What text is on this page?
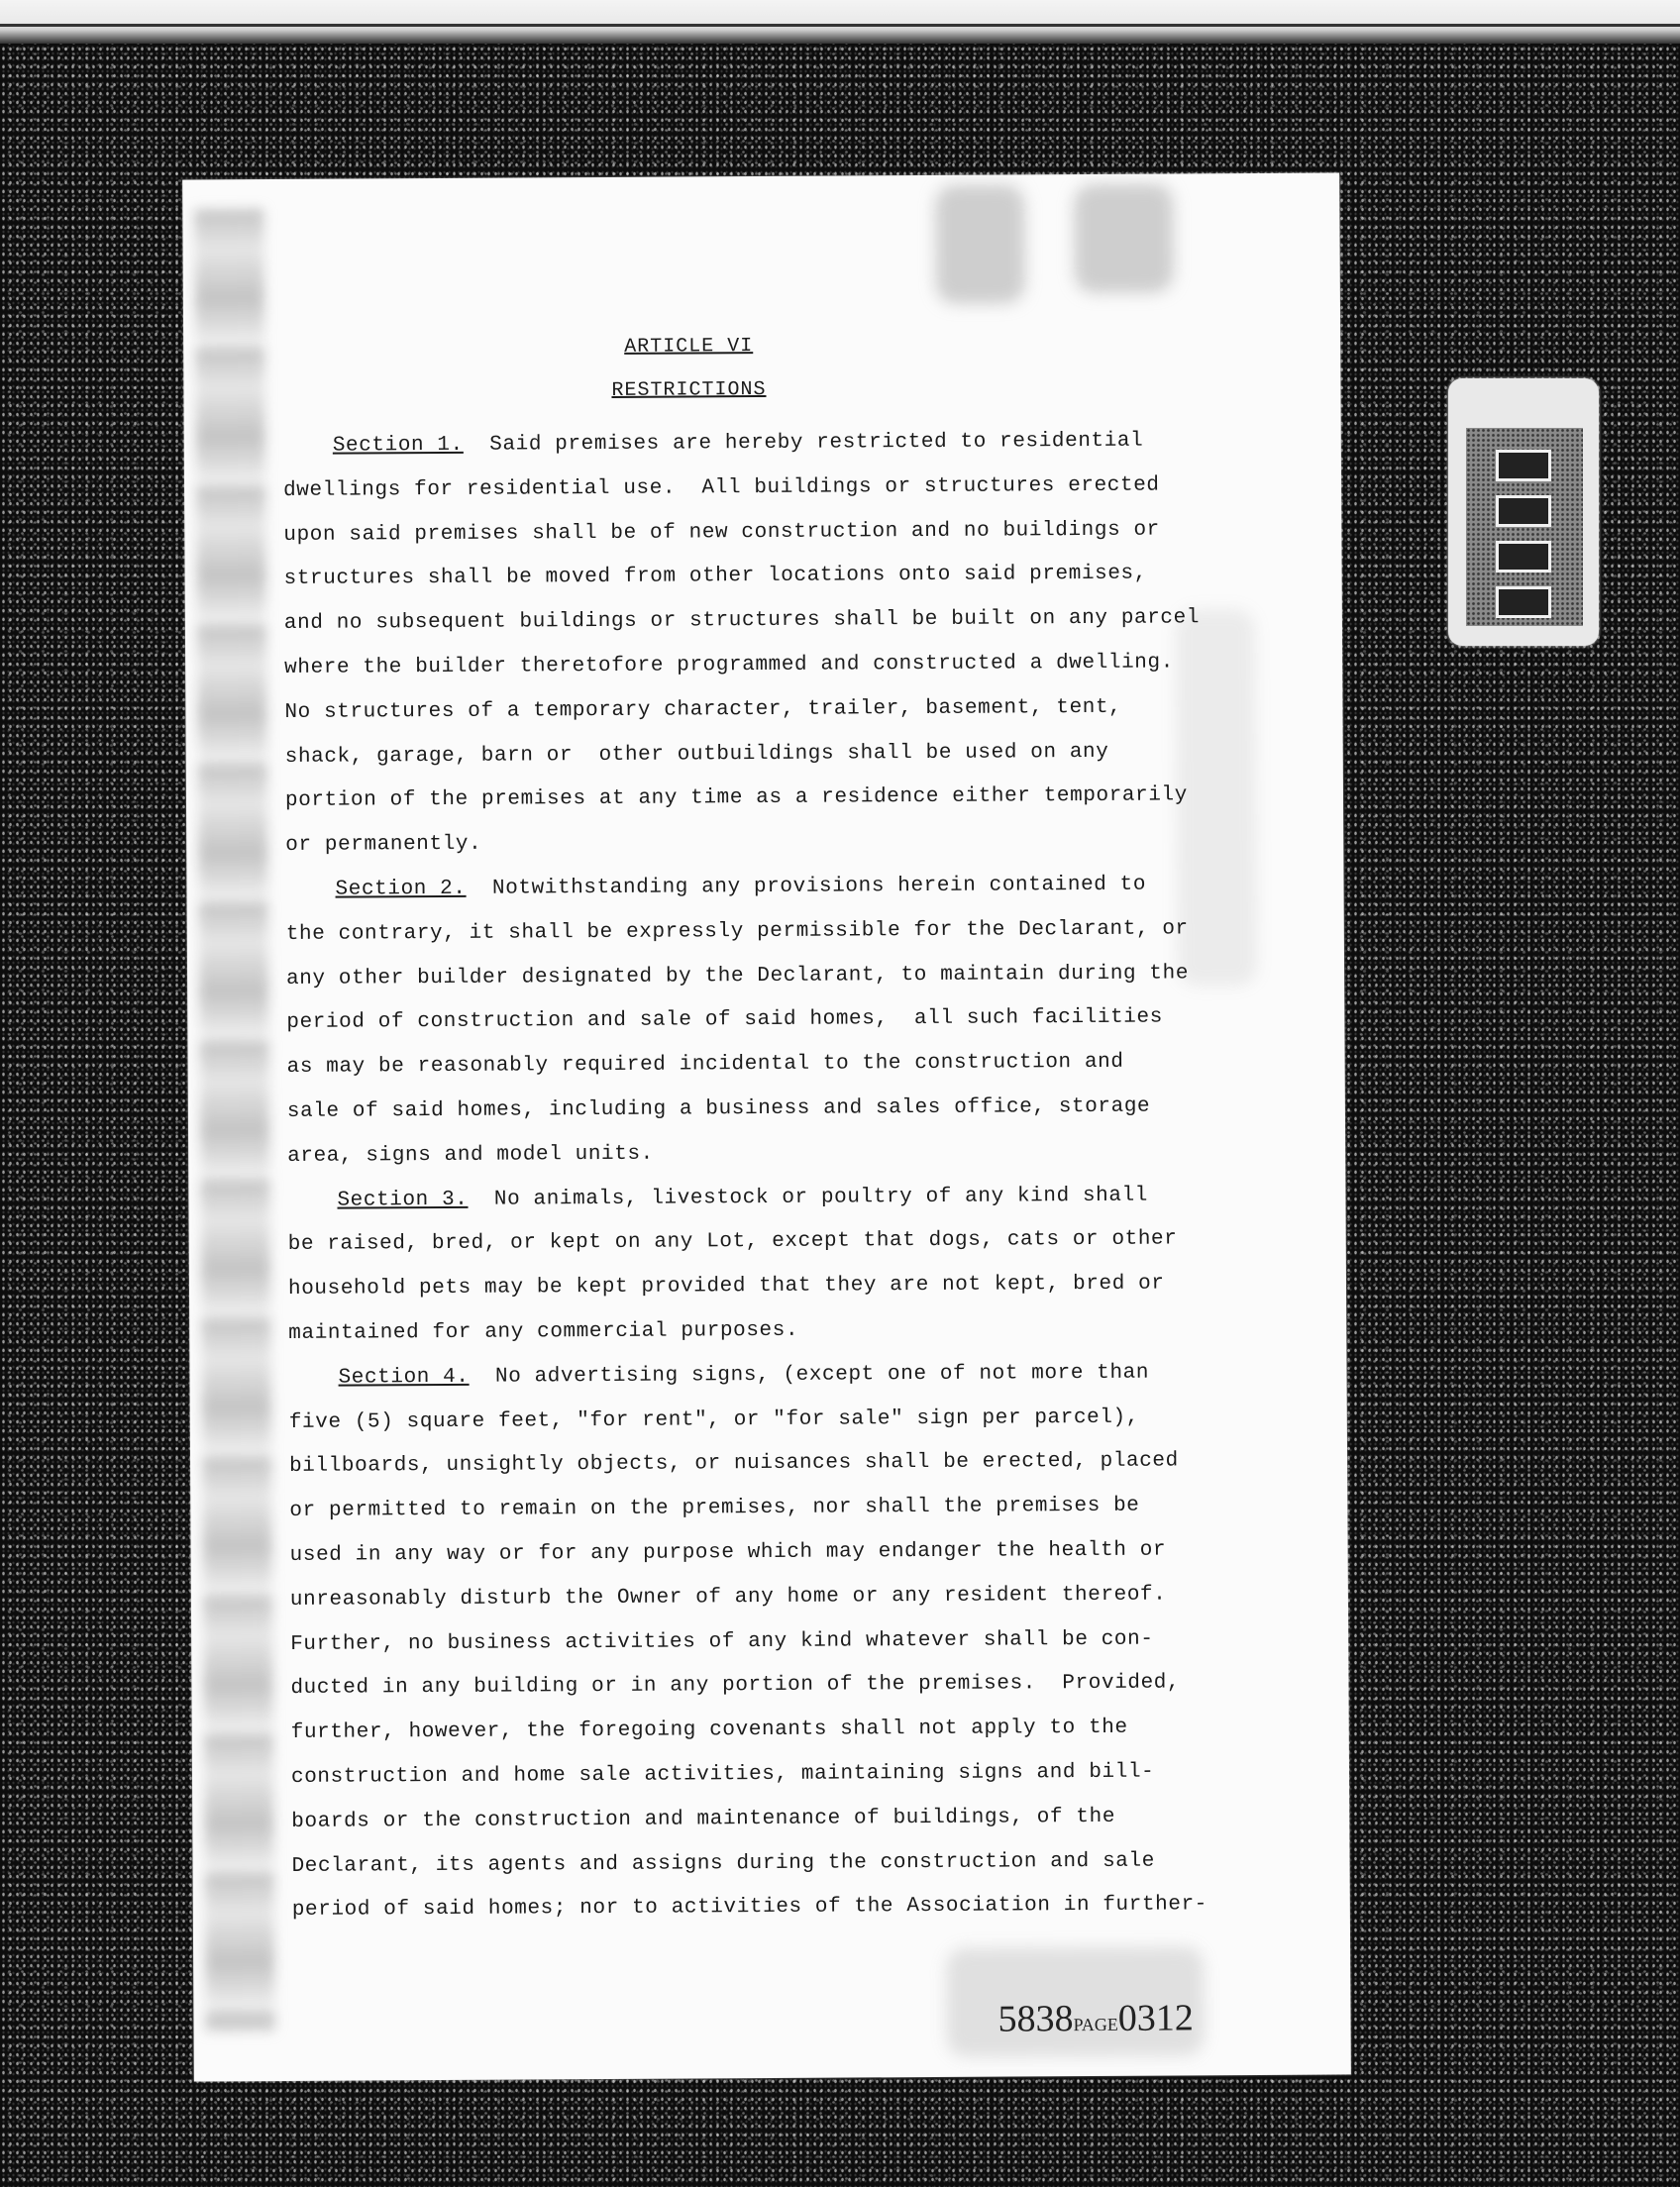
ARTICLE VI
RESTRICTIONS
Section 1.  Said premises are hereby restricted to residential
dwellings for residential use.  All buildings or structures erected
upon said premises shall be of new construction and no buildings or
structures shall be moved from other locations onto said premises,
and no subsequent buildings or structures shall be built on any parcel
where the builder theretofore programmed and constructed a dwelling.
No structures of a temporary character, trailer, basement, tent,
shack, garage, barn or  other outbuildings shall be used on any
portion of the premises at any time as a residence either temporarily
or permanently.
Section 2.  Notwithstanding any provisions herein contained to
the contrary, it shall be expressly permissible for the Declarant, or
any other builder designated by the Declarant, to maintain during the
period of construction and sale of said homes,  all such facilities
as may be reasonably required incidental to the construction and
sale of said homes, including a business and sales office, storage
area, signs and model units.
Section 3.  No animals, livestock or poultry of any kind shall
be raised, bred, or kept on any Lot, except that dogs, cats or other
household pets may be kept provided that they are not kept, bred or
maintained for any commercial purposes.
Section 4.  No advertising signs, (except one of not more than
five (5) square feet, "for rent", or "for sale" sign per parcel),
billboards, unsightly objects, or nuisances shall be erected, placed
or permitted to remain on the premises, nor shall the premises be
used in any way or for any purpose which may endanger the health or
unreasonably disturb the Owner of any home or any resident thereof.
Further, no business activities of any kind whatever shall be con-
ducted in any building or in any portion of the premises.  Provided,
further, however, the foregoing covenants shall not apply to the
construction and home sale activities, maintaining signs and bill-
boards or the construction and maintenance of buildings, of the
Declarant, its agents and assigns during the construction and sale
period of said homes; nor to activities of the Association in further-
5838PAGE0312
